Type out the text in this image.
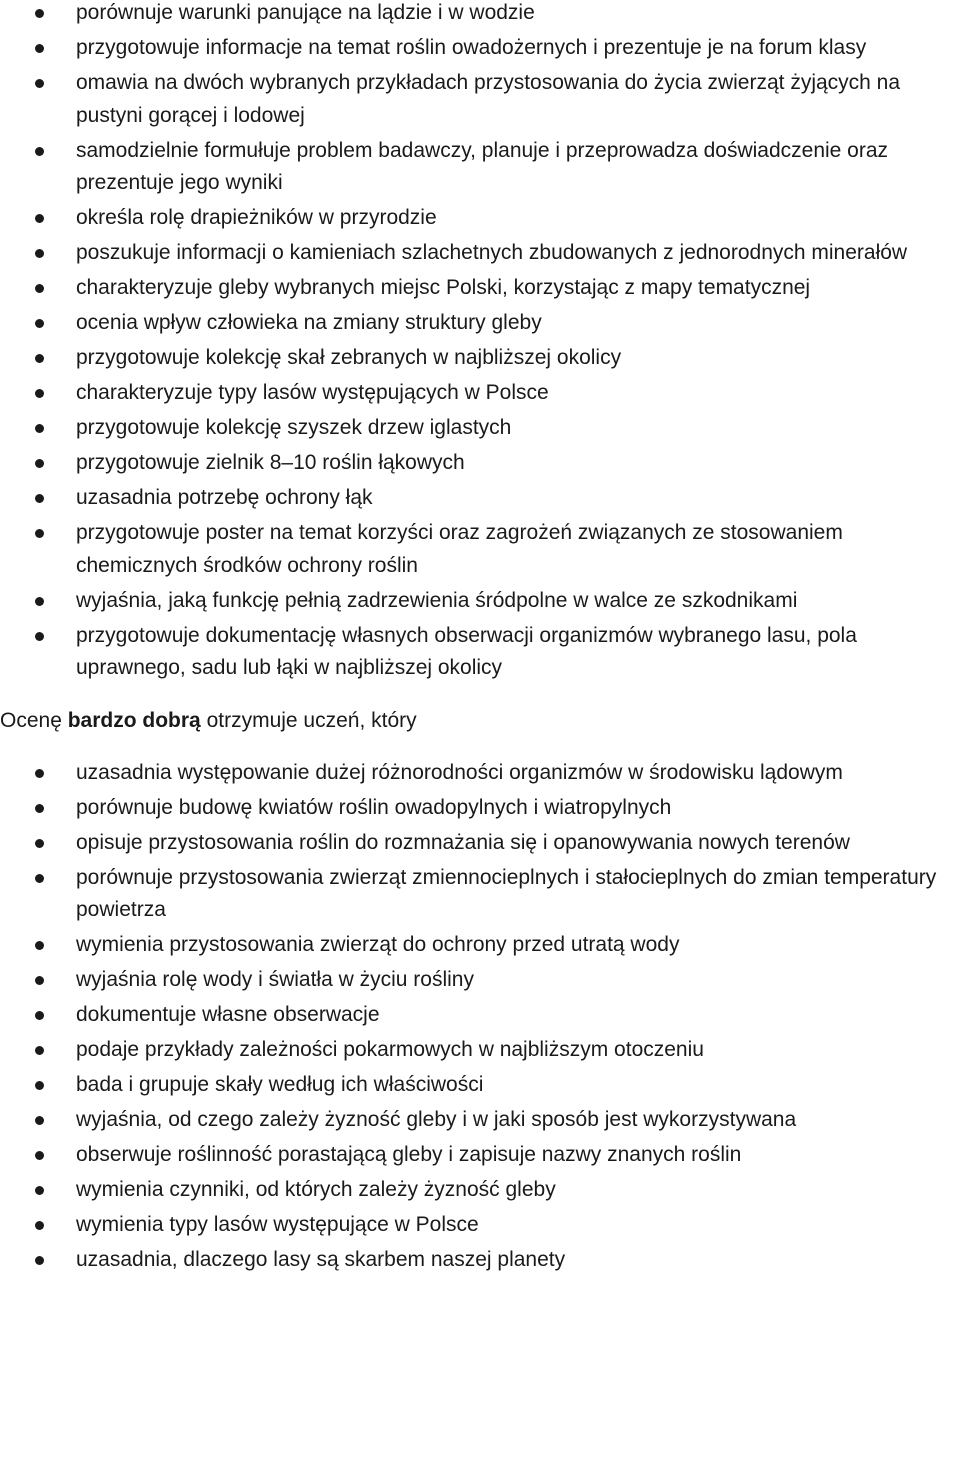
porównuje warunki panujące na lądzie i w wodzie
przygotowuje informacje na temat roślin owadożernych i prezentuje je na forum klasy
omawia na dwóch wybranych przykładach przystosowania do życia zwierząt żyjących na pustyni gorącej i lodowej
samodzielnie formułuje problem badawczy, planuje i przeprowadza doświadczenie oraz prezentuje jego wyniki
określa rolę drapieżników w przyrodzie
poszukuje informacji o kamieniach szlachetnych zbudowanych z jednorodnych minerałów
charakteryzuje gleby wybranych miejsc Polski, korzystając z mapy tematycznej
ocenia wpływ człowieka na zmiany struktury gleby
przygotowuje kolekcję skał zebranych w najbliższej okolicy
charakteryzuje typy lasów występujących w Polsce
przygotowuje kolekcję szyszek drzew iglastych
przygotowuje zielnik 8–10 roślin łąkowych
uzasadnia potrzebę ochrony łąk
przygotowuje poster na temat korzyści oraz zagrożeń związanych ze stosowaniem chemicznych środków ochrony roślin
wyjaśnia, jaką funkcję pełnią zadrzewienia śródpolne w walce ze szkodnikami
przygotowuje dokumentację własnych obserwacji organizmów wybranego lasu, pola uprawnego, sadu lub łąki w najbliższej okolicy

Ocenę bardzo dobrą otrzymuje uczeń, który

uzasadnia występowanie dużej różnorodności organizmów w środowisku lądowym
porównuje budowę kwiatów roślin owadopylnych i wiatropylnych
opisuje przystosowania roślin do rozmnażania się i opanowywania nowych terenów
porównuje przystosowania zwierząt zmiennocieplnych i stałocieplnych do zmian temperatury powietrza
wymienia przystosowania zwierząt do ochrony przed utratą wody
wyjaśnia rolę wody i światła w życiu rośliny
dokumentuje własne obserwacje
podaje przykłady zależności pokarmowych w najbliższym otoczeniu
bada i grupuje skały według ich właściwości
wyjaśnia, od czego zależy żyzność gleby i w jaki sposób jest wykorzystywana
obserwuje roślinność porastającą gleby i zapisuje nazwy znanych roślin
wymienia czynniki, od których zależy żyzność gleby
wymienia typy lasów występujące w Polsce
uzasadnia, dlaczego lasy są skarbem naszej planety
